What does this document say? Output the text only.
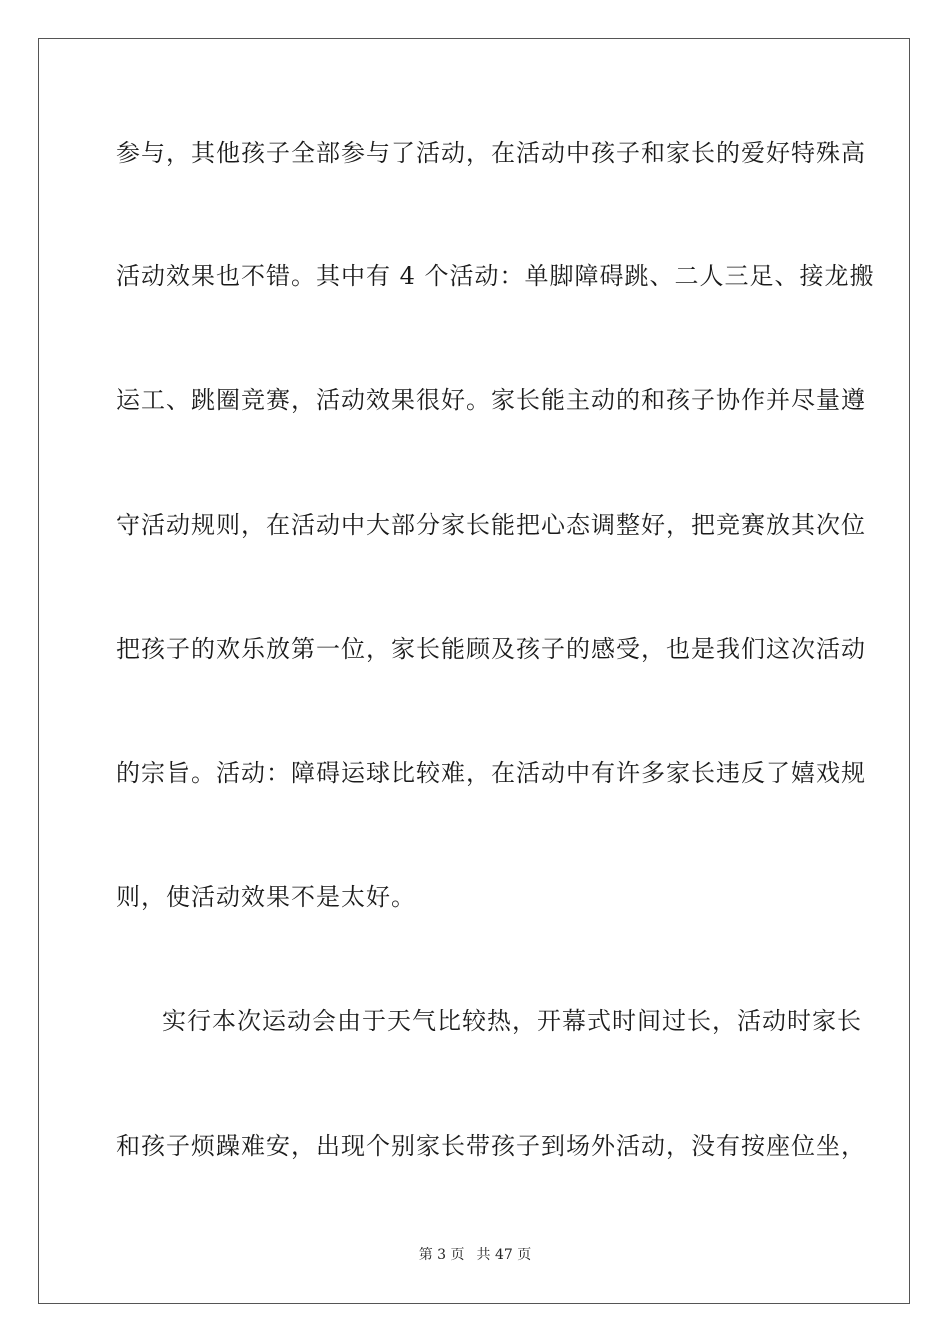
参与，其他孩子全部参与了活动，在活动中孩子和家长的爱好特殊高
活动效果也不错。其中有 4 个活动：单脚障碍跳、二人三足、接龙搬
运工、跳圈竞赛，活动效果很好。家长能主动的和孩子协作并尽量遵
守活动规则，在活动中大部分家长能把心态调整好，把竞赛放其次位
把孩子的欢乐放第一位，家长能顾及孩子的感受，也是我们这次活动
的宗旨。活动：障碍运球比较难，在活动中有许多家长违反了嬉戏规
则，使活动效果不是太好。
实行本次运动会由于天气比较热，开幕式时间过长，活动时家长
和孩子烦躁难安，出现个别家长带孩子到场外活动，没有按座位坐，
第 3 页 共 47 页
